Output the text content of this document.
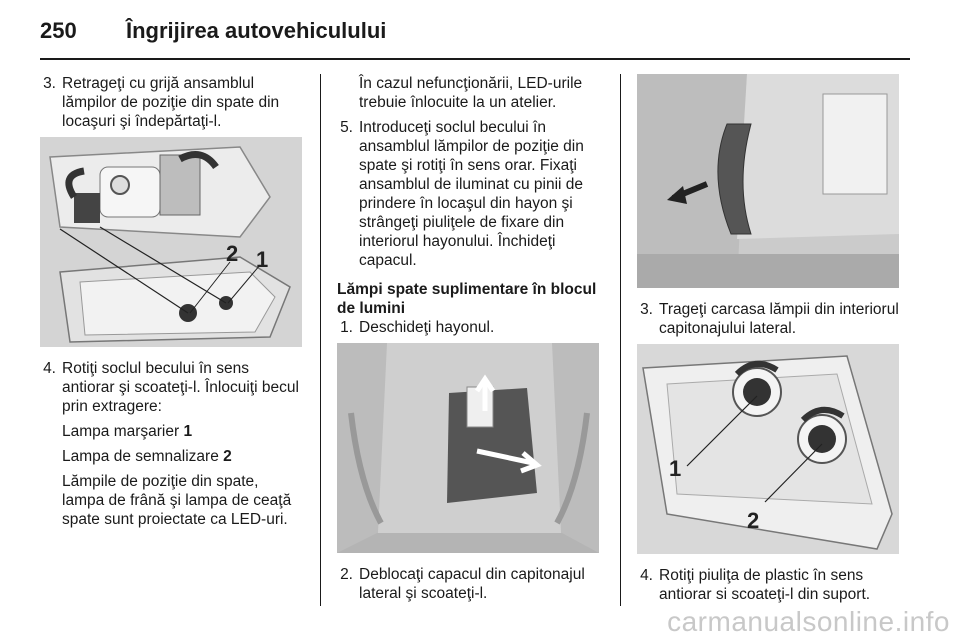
250 Îngrijirea autovehiculului
3. Retrageţi cu grijă ansamblul lămpilor de poziţie din spate din locaşuri şi îndepărtaţi-l.
2 1
4. Rotiţi soclul becului în sens antiorar şi scoateţi-l. Înlocuiţi becul prin extragere:
Lampa marşarier 1
Lampa de semnalizare 2
Lămpile de poziţie din spate, lampa de frână şi lampa de ceaţă spate sunt proiectate ca LED-uri.
În cazul nefuncţionării, LED-urile trebuie înlocuite la un atelier.
5. Introduceţi soclul becului în ansamblul lămpilor de poziţie din spate şi rotiţi în sens orar. Fixaţi ansamblul de iluminat cu pinii de prindere în locaşul din hayon şi strângeţi piuliţele de fixare din interiorul hayonului. Închideţi capacul.
Lămpi spate suplimentare în blocul de lumini
1. Deschideţi hayonul.
2. Deblocaţi capacul din capitonajul lateral şi scoateţi-l.
3. Trageţi carcasa lămpii din interiorul capitonajului lateral.
1
2
4. Rotiţi piuliţa de plastic în sens antiorar si scoateţi-l din suport.
carmanualsonline.info
